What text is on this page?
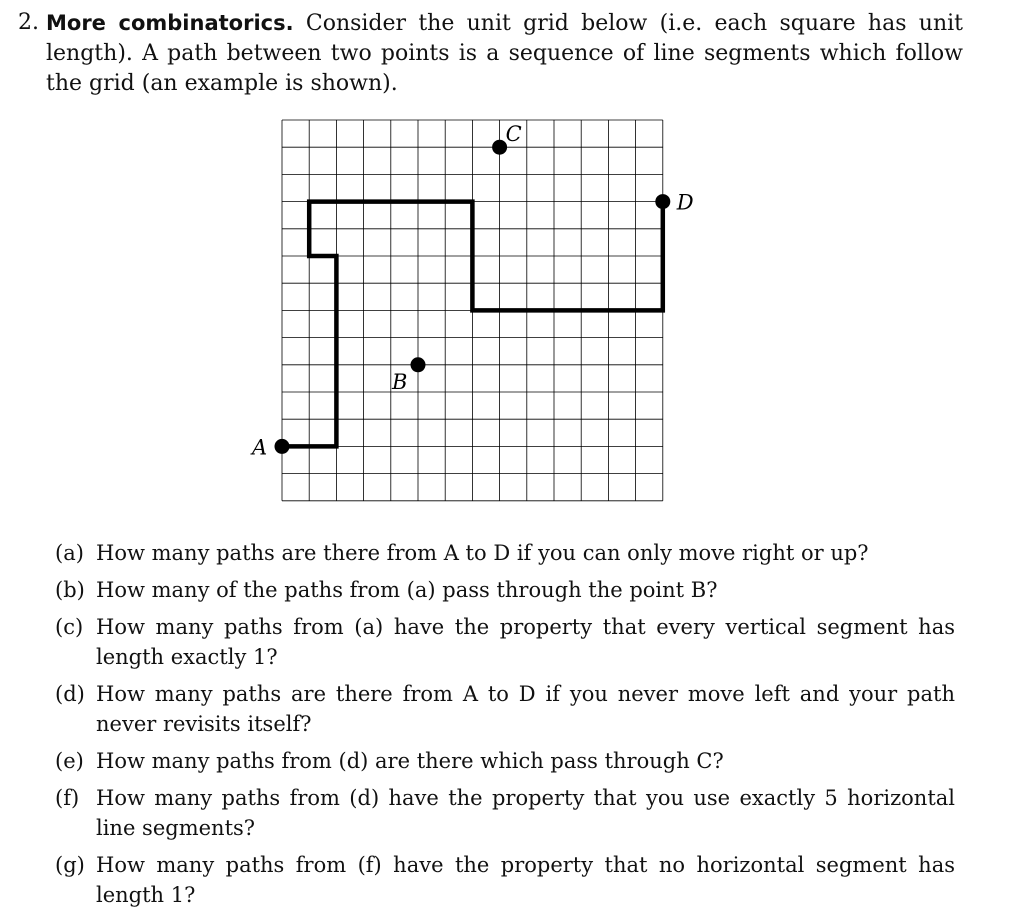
2. More combinatorics. Consider the unit grid below (i.e. each square has unit length). A path between two points is a sequence of line segments which follow the grid (an example is shown).
A
B
C
D
(a) How many paths are there from A to D if you can only move right or up?
(b) How many of the paths from (a) pass through the point B?
(c) How many paths from (a) have the property that every vertical segment has length exactly 1?
(d) How many paths are there from A to D if you never move left and your path never revisits itself?
(e) How many paths from (d) are there which pass through C?
(f) How many paths from (d) have the property that you use exactly 5 horizontal line segments?
(g) How many paths from (f) have the property that no horizontal segment has length 1?
